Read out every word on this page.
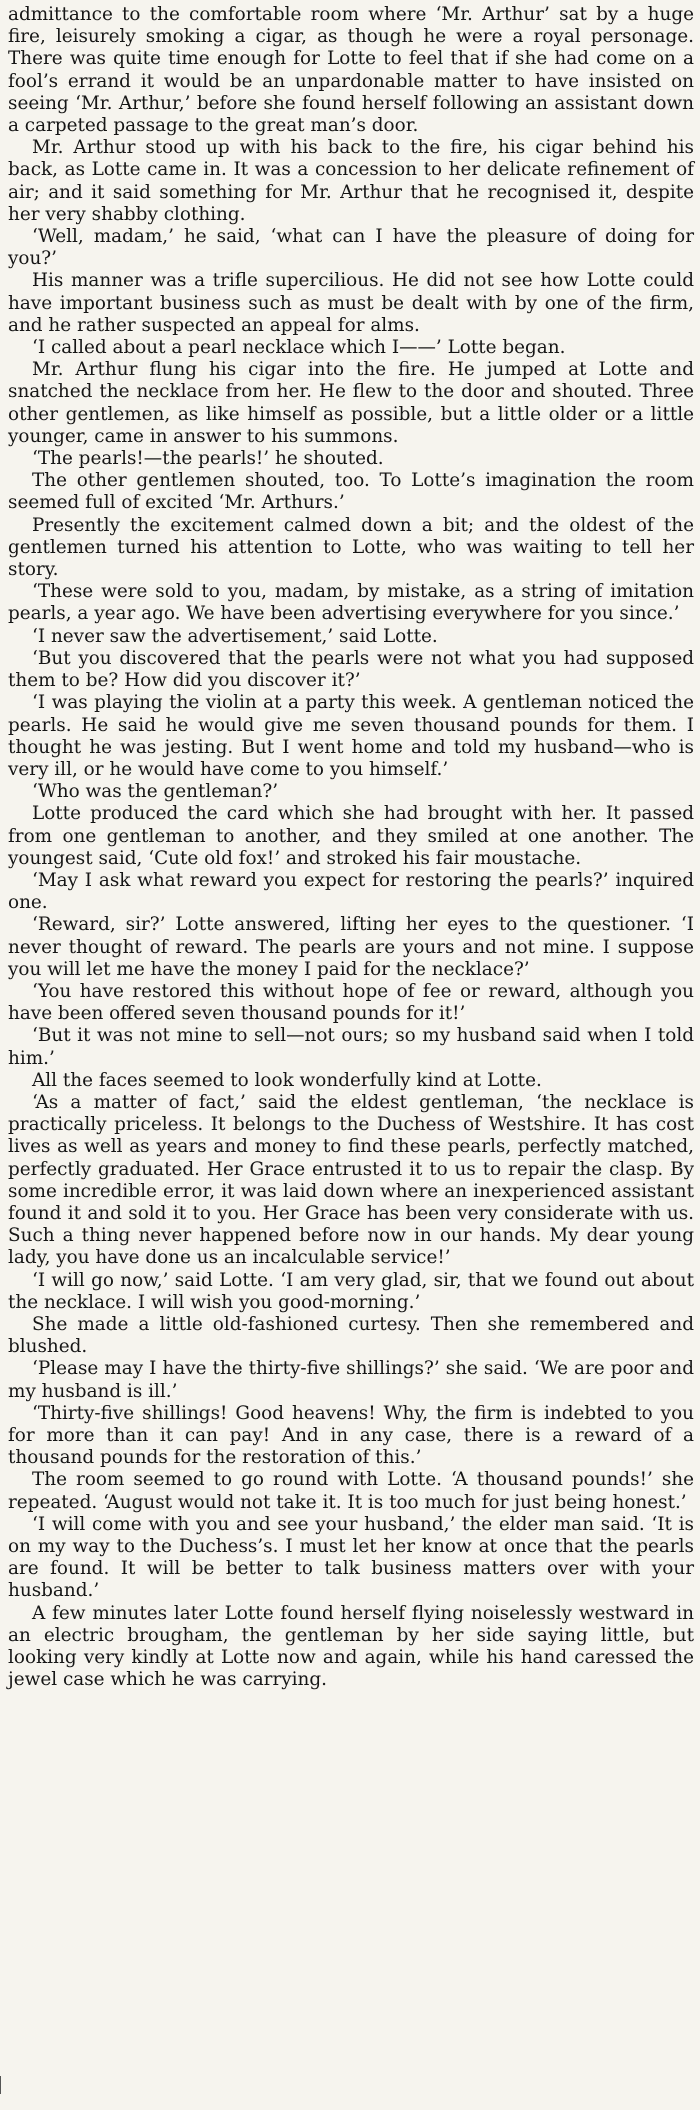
admittance to the comfortable room where ‘Mr. Arthur’ sat by a huge fire, leisurely smoking a cigar, as though he were a royal personage. There was quite time enough for Lotte to feel that if she had come on a fool’s errand it would be an unpardonable matter to have insisted on seeing ‘Mr. Arthur,’ before she found herself following an assistant down a carpeted passage to the great man’s door.

Mr. Arthur stood up with his back to the fire, his cigar behind his back, as Lotte came in. It was a concession to her delicate refinement of air; and it said something for Mr. Arthur that he recognised it, despite her very shabby clothing.

‘Well, madam,’ he said, ‘what can I have the pleasure of doing for you?’

His manner was a trifle supercilious. He did not see how Lotte could have important business such as must be dealt with by one of the firm, and he rather suspected an appeal for alms.

‘I called about a pearl necklace which I——’ Lotte began.

Mr. Arthur flung his cigar into the fire. He jumped at Lotte and snatched the necklace from her. He flew to the door and shouted. Three other gentlemen, as like himself as possible, but a little older or a little younger, came in answer to his summons.

‘The pearls!—the pearls!’ he shouted.

The other gentlemen shouted, too. To Lotte’s imagination the room seemed full of excited ‘Mr. Arthurs.’

Presently the excitement calmed down a bit; and the oldest of the gentlemen turned his attention to Lotte, who was waiting to tell her story.

‘These were sold to you, madam, by mistake, as a string of imitation pearls, a year ago. We have been advertising everywhere for you since.’

‘I never saw the advertisement,’ said Lotte.

‘But you discovered that the pearls were not what you had supposed them to be? How did you discover it?’

‘I was playing the violin at a party this week. A gentleman noticed the pearls. He said he would give me seven thousand pounds for them. I thought he was jesting. But I went home and told my husband—who is very ill, or he would have come to you himself.’

‘Who was the gentleman?’

Lotte produced the card which she had brought with her. It passed from one gentleman to another, and they smiled at one another. The youngest said, ‘Cute old fox!’ and stroked his fair moustache.

‘May I ask what reward you expect for restoring the pearls?’ inquired one.

‘Reward, sir?’ Lotte answered, lifting her eyes to the questioner. ‘I never thought of reward. The pearls are yours and not mine. I suppose you will let me have the money I paid for the necklace?’

‘You have restored this without hope of fee or reward, although you have been offered seven thousand pounds for it!’

‘But it was not mine to sell—not ours; so my husband said when I told him.’

All the faces seemed to look wonderfully kind at Lotte.

‘As a matter of fact,’ said the eldest gentleman, ‘the necklace is practically priceless. It belongs to the Duchess of Westshire. It has cost lives as well as years and money to find these pearls, perfectly matched, perfectly graduated. Her Grace entrusted it to us to repair the clasp. By some incredible error, it was laid down where an inexperienced assistant found it and sold it to you. Her Grace has been very considerate with us. Such a thing never happened before now in our hands. My dear young lady, you have done us an incalculable service!’

‘I will go now,’ said Lotte. ‘I am very glad, sir, that we found out about the necklace. I will wish you good-morning.’

She made a little old-fashioned curtesy. Then she remembered and blushed.

‘Please may I have the thirty-five shillings?’ she said. ‘We are poor and my husband is ill.’

‘Thirty-five shillings! Good heavens! Why, the firm is indebted to you for more than it can pay! And in any case, there is a reward of a thousand pounds for the restoration of this.’

The room seemed to go round with Lotte. ‘A thousand pounds!’ she repeated. ‘August would not take it. It is too much for just being honest.’

‘I will come with you and see your husband,’ the elder man said. ‘It is on my way to the Duchess’s. I must let her know at once that the pearls are found. It will be better to talk business matters over with your husband.’

A few minutes later Lotte found herself flying noiselessly westward in an electric brougham, the gentleman by her side saying little, but looking very kindly at Lotte now and again, while his hand caressed the jewel case which he was carrying.
